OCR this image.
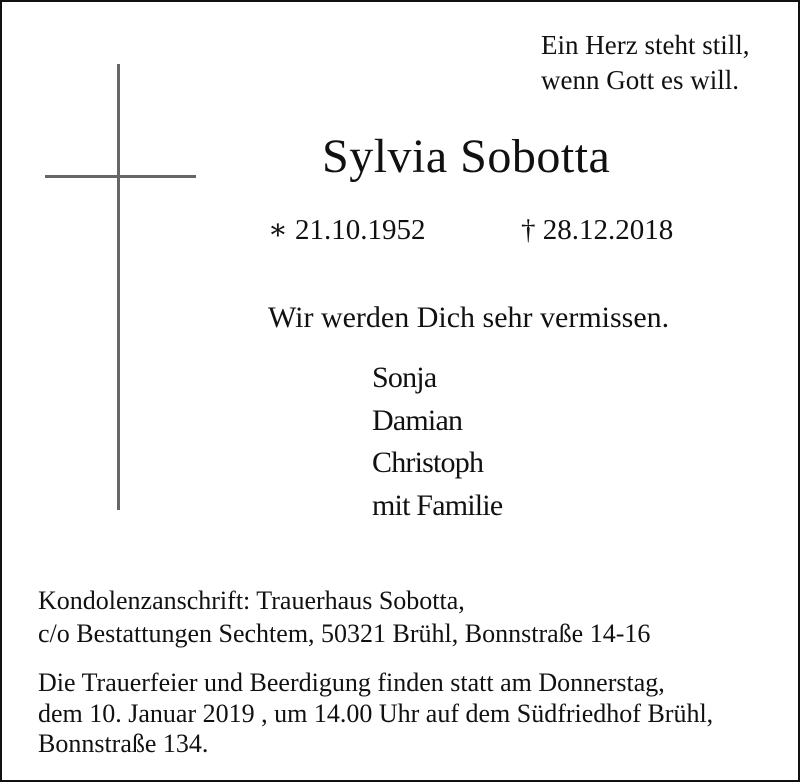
Ein Herz steht still,
wenn Gott es will.
Sylvia Sobotta
∗ 21.10.1952	† 28.12.2018
Wir werden Dich sehr vermissen.
Sonja
Damian
Christoph
mit Familie
Kondolenzanschrift: Trauerhaus Sobotta,
c/o Bestattungen Sechtem, 50321 Brühl, Bonnstraße 14-16
Die Trauerfeier und Beerdigung finden statt am Donnerstag,
dem 10. Januar 2019 , um 14.00 Uhr auf dem Südfriedhof Brühl,
Bonnstraße 134.
